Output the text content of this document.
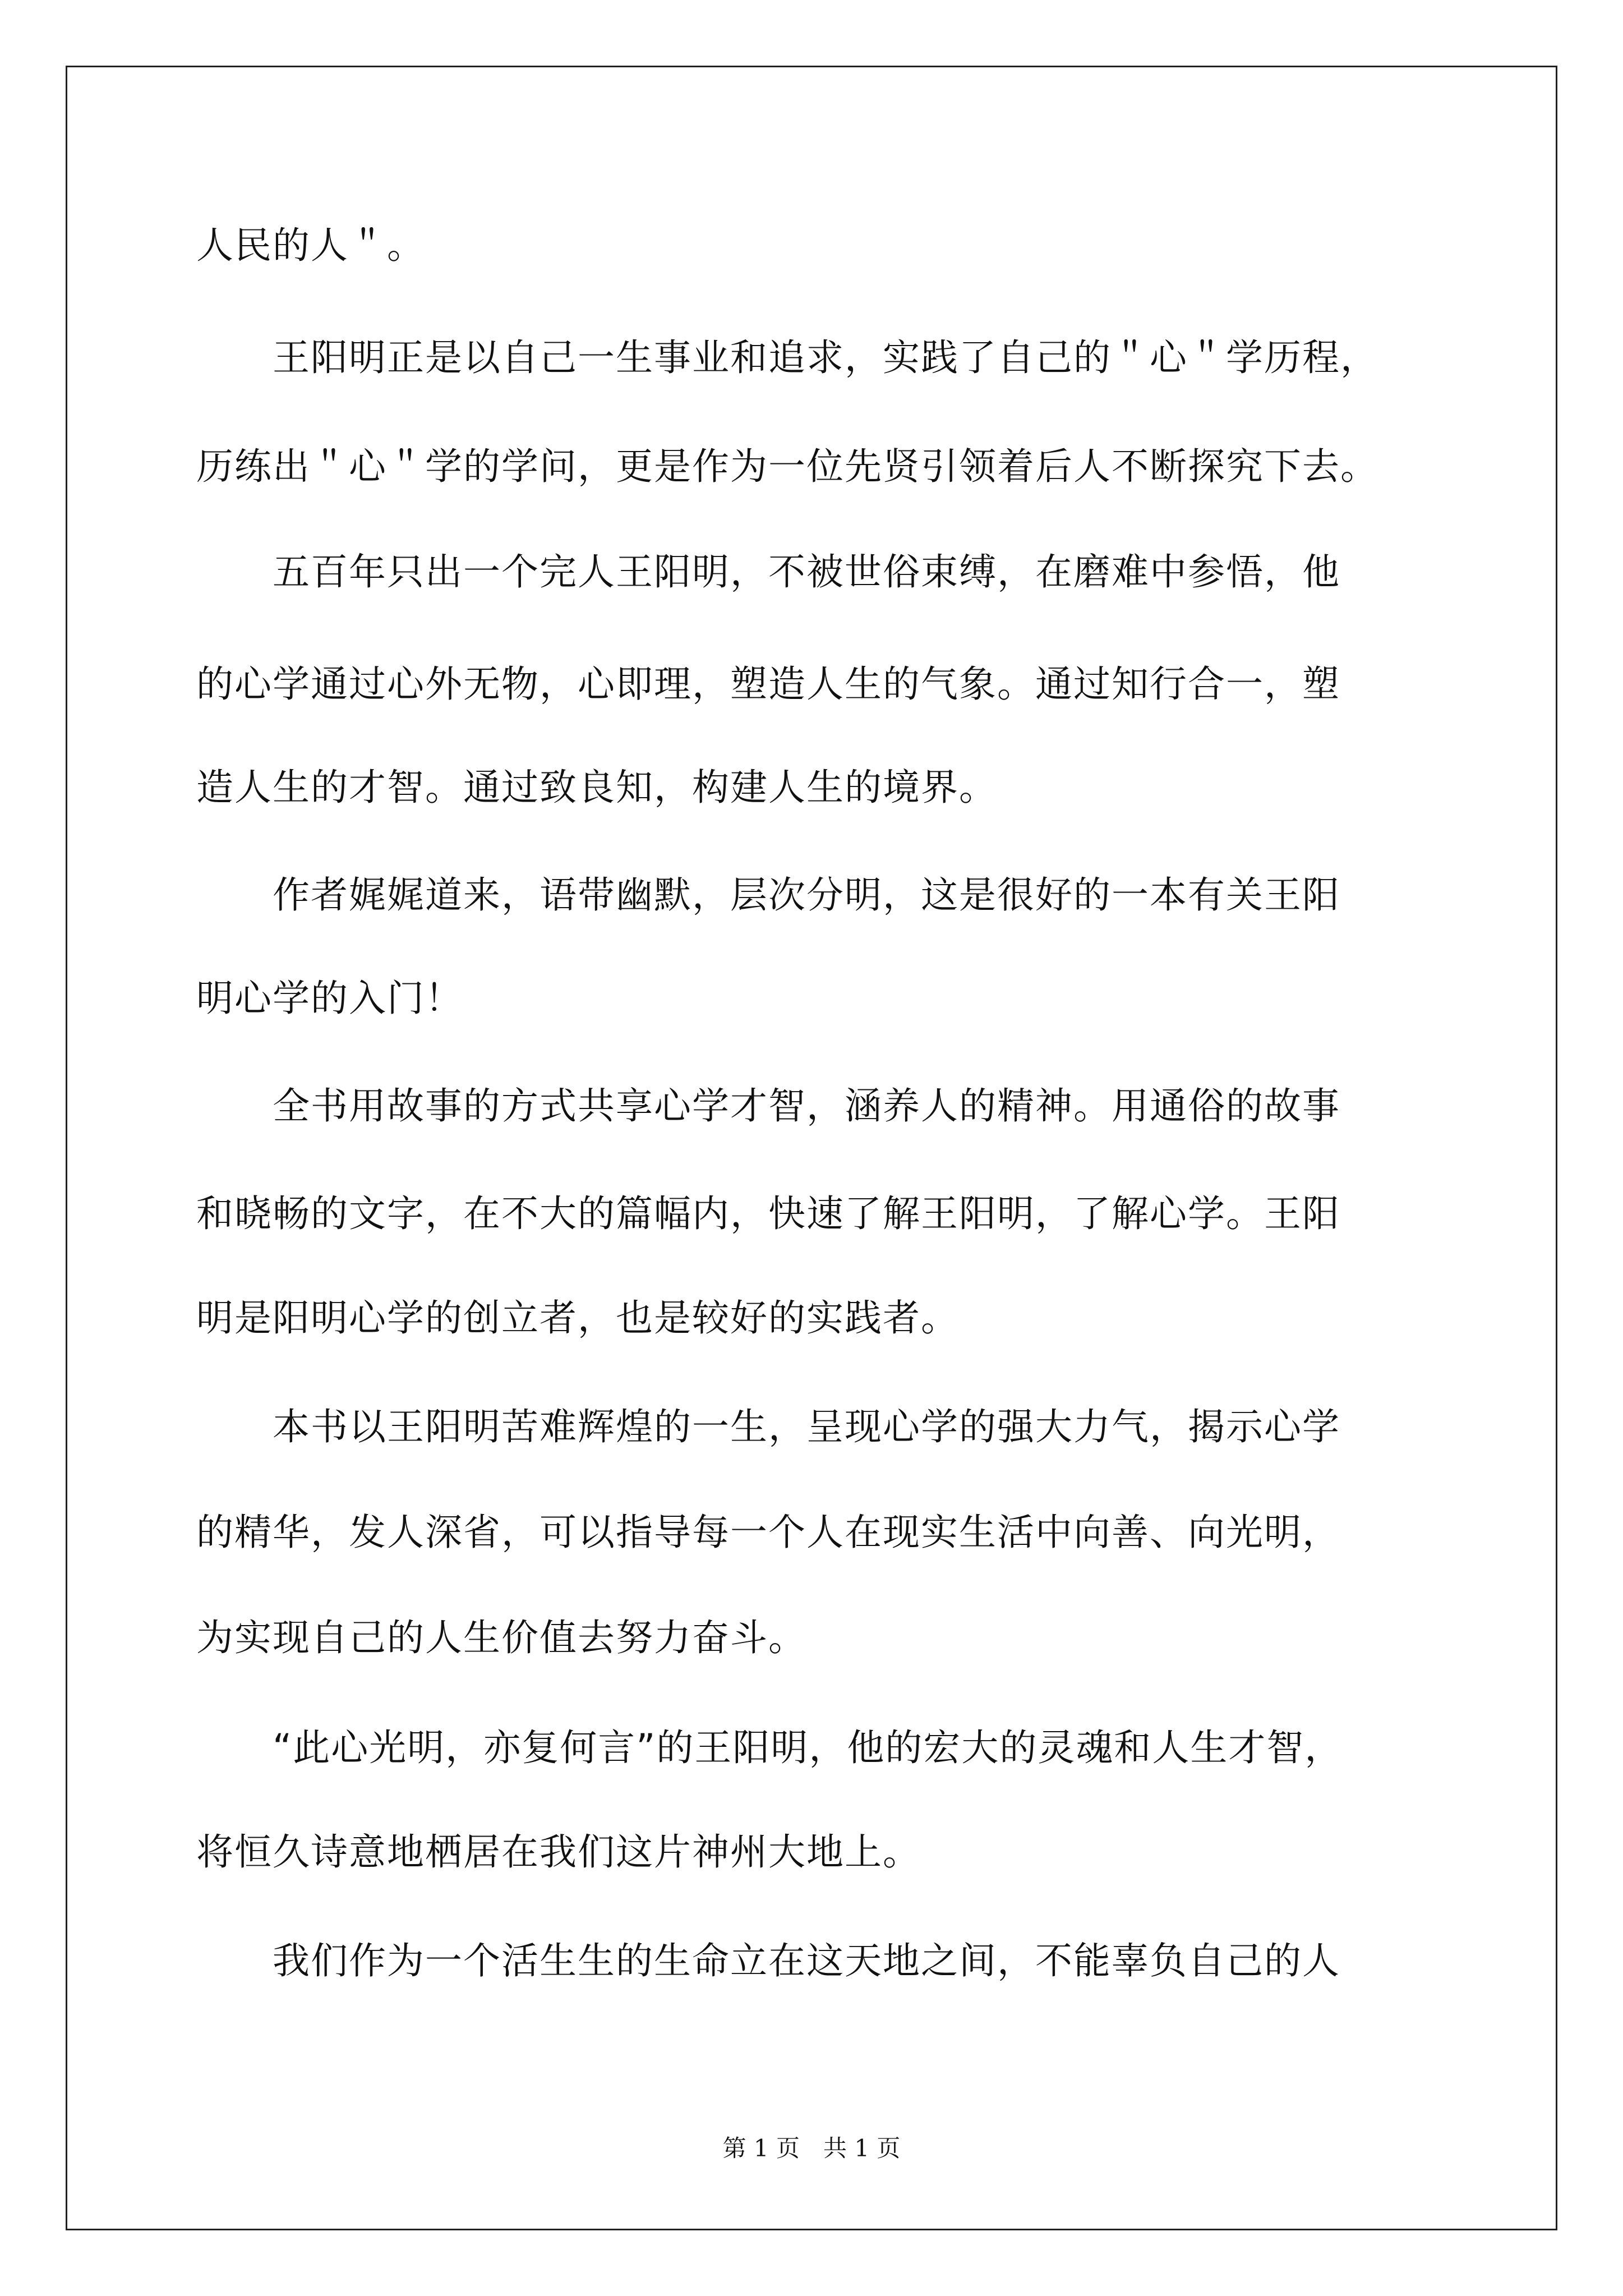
人民的人＂。
　　王阳明正是以自己一生事业和追求，实践了自己的＂心＂学历程，
历练出＂心＂学的学问，更是作为一位先贤引领着后人不断探究下去。
　　五百年只出一个完人王阳明，不被世俗束缚，在磨难中参悟，他
的心学通过心外无物，心即理，塑造人生的气象。通过知行合一，塑
造人生的才智。通过致良知，构建人生的境界。
　　作者娓娓道来，语带幽默，层次分明，这是很好的一本有关王阳
明心学的入门！
　　全书用故事的方式共享心学才智，涵养人的精神。用通俗的故事
和晓畅的文字，在不大的篇幅内，快速了解王阳明，了解心学。王阳
明是阳明心学的创立者，也是较好的实践者。
　　本书以王阳明苦难辉煌的一生，呈现心学的强大力气，揭示心学
的精华，发人深省，可以指导每一个人在现实生活中向善、向光明，
为实现自己的人生价值去努力奋斗。
　　“此心光明，亦复何言”的王阳明，他的宏大的灵魂和人生才智，
将恒久诗意地栖居在我们这片神州大地上。
　　我们作为一个活生生的生命立在这天地之间，不能辜负自己的人
第 1 页　共 1 页
